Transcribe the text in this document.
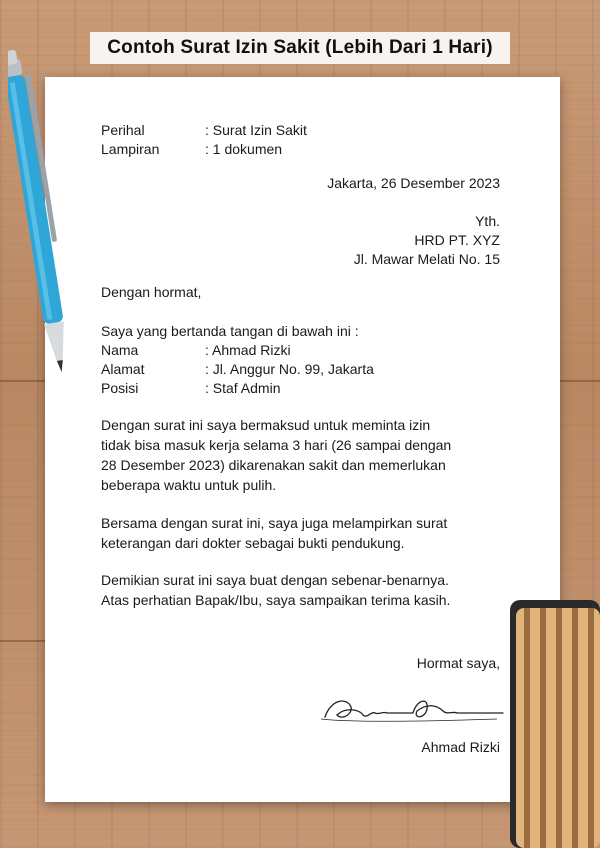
Contoh Surat Izin Sakit (Lebih Dari 1 Hari)
Perihal	: Surat Izin Sakit
Lampiran	: 1 dokumen
Jakarta, 26 Desember 2023
Yth.
HRD PT. XYZ
Jl. Mawar Melati No. 15
Dengan hormat,
Saya yang bertanda tangan di bawah ini :
Nama	: Ahmad Rizki
Alamat	: Jl. Anggur No. 99, Jakarta
Posisi	: Staf Admin
Dengan surat ini saya bermaksud untuk meminta izin
tidak bisa masuk kerja selama 3 hari (26 sampai dengan
28 Desember 2023) dikarenakan sakit dan memerlukan
beberapa waktu untuk pulih.
Bersama dengan surat ini, saya juga melampirkan surat
keterangan dari dokter sebagai bukti pendukung.
Demikian surat ini saya buat dengan sebenar-benarnya.
Atas perhatian Bapak/Ibu, saya sampaikan terima kasih.
Hormat saya,
Ahmad Rizki
